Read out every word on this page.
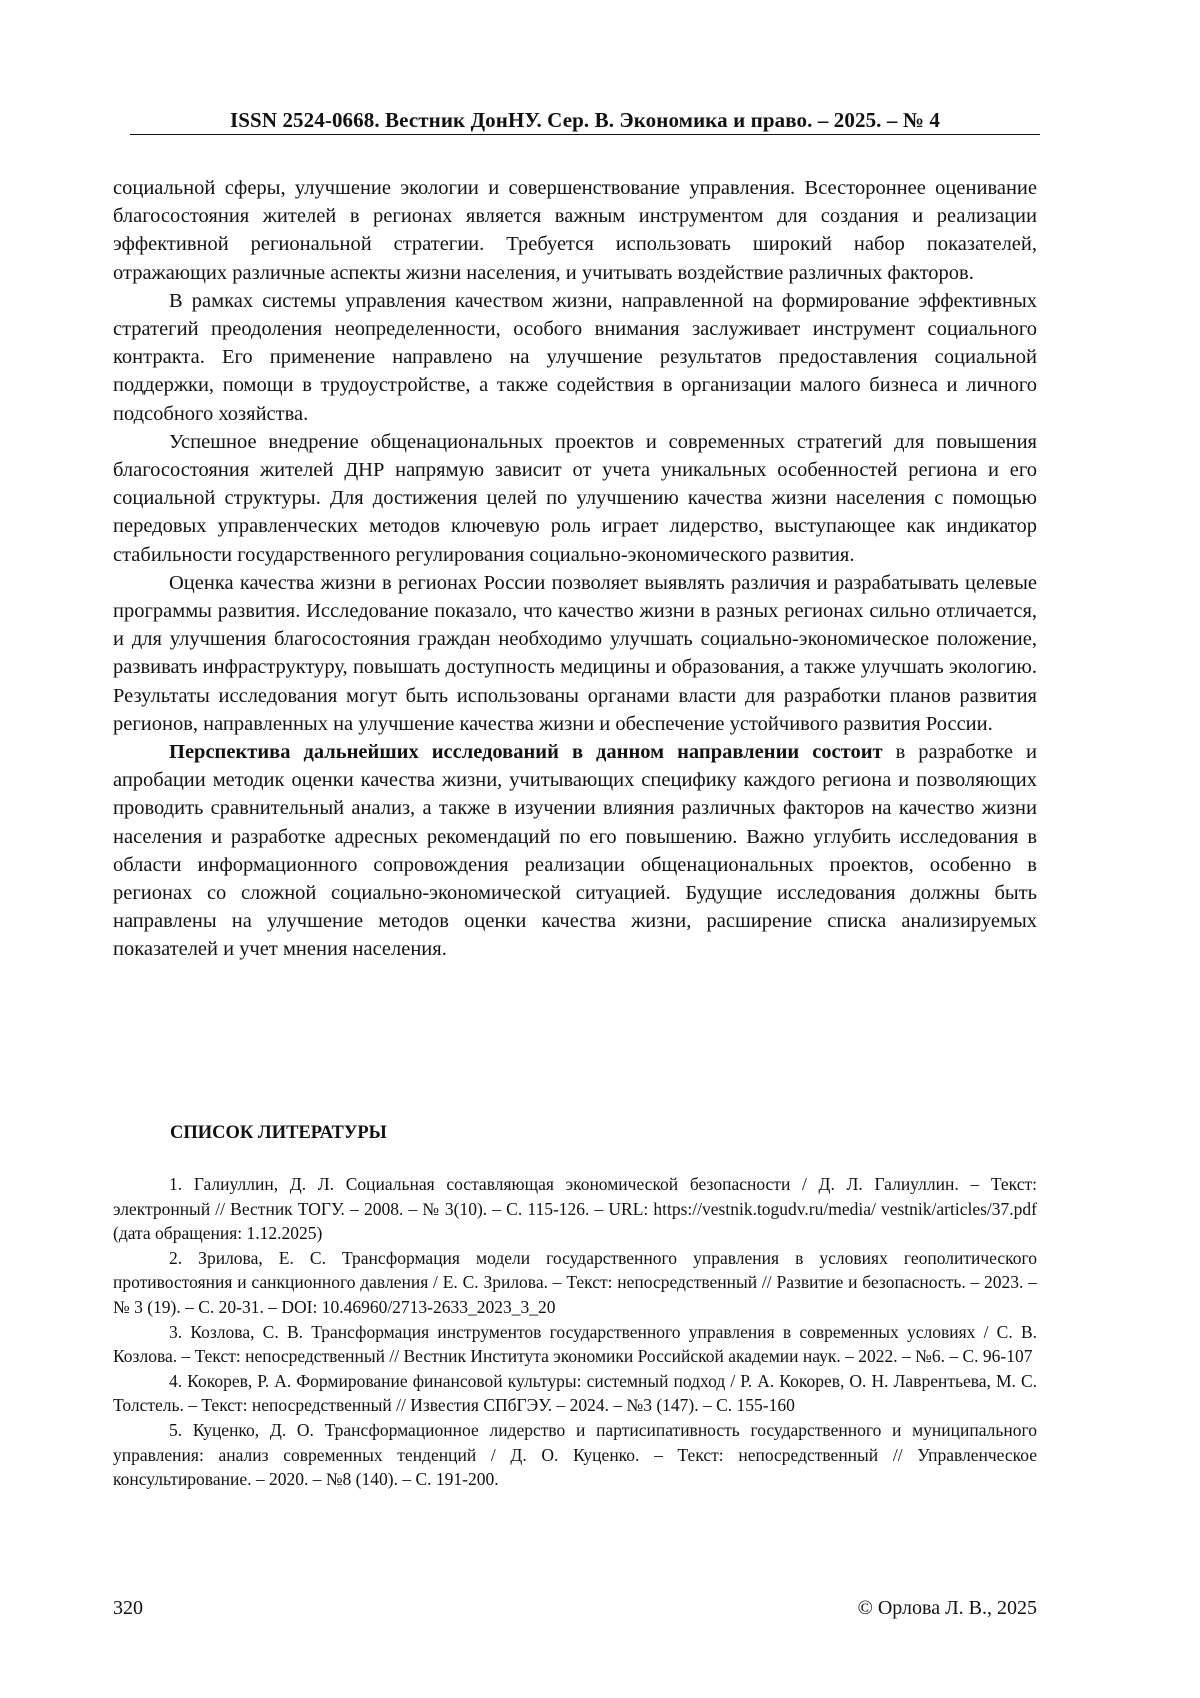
ISSN 2524-0668. Вестник ДонНУ. Сер. В. Экономика и право. – 2025. – № 4

социальной сферы, улучшение экологии и совершенствование управления. Всестороннее оценивание благосостояния жителей в регионах является важным инструментом для создания и реализации эффективной региональной стратегии. Требуется использовать широкий набор показателей, отражающих различные аспекты жизни населения, и учитывать воздействие различных факторов.

В рамках системы управления качеством жизни, направленной на формирование эффективных стратегий преодоления неопределенности, особого внимания заслуживает инструмент социального контракта. Его применение направлено на улучшение результатов предоставления социальной поддержки, помощи в трудоустройстве, а также содействия в организации малого бизнеса и личного подсобного хозяйства.

Успешное внедрение общенациональных проектов и современных стратегий для повышения благосостояния жителей ДНР напрямую зависит от учета уникальных особенностей региона и его социальной структуры. Для достижения целей по улучшению качества жизни населения с помощью передовых управленческих методов ключевую роль играет лидерство, выступающее как индикатор стабильности государственного регулирования социально-экономического развития.

Оценка качества жизни в регионах России позволяет выявлять различия и разрабатывать целевые программы развития. Исследование показало, что качество жизни в разных регионах сильно отличается, и для улучшения благосостояния граждан необходимо улучшать социально-экономическое положение, развивать инфраструктуру, повышать доступность медицины и образования, а также улучшать экологию. Результаты исследования могут быть использованы органами власти для разработки планов развития регионов, направленных на улучшение качества жизни и обеспечение устойчивого развития России.

Перспектива дальнейших исследований в данном направлении состоит в разработке и апробации методик оценки качества жизни, учитывающих специфику каждого региона и позволяющих проводить сравнительный анализ, а также в изучении влияния различных факторов на качество жизни населения и разработке адресных рекомендаций по его повышению. Важно углубить исследования в области информационного сопровождения реализации общенациональных проектов, особенно в регионах со сложной социально-экономической ситуацией. Будущие исследования должны быть направлены на улучшение методов оценки качества жизни, расширение списка анализируемых показателей и учет мнения населения.

СПИСОК ЛИТЕРАТУРЫ

1. Галиуллин, Д. Л. Социальная составляющая экономической безопасности / Д. Л. Галиуллин. – Текст: электронный // Вестник ТОГУ. – 2008. – № 3(10). – С. 115-126. – URL: https://vestnik.togudv.ru/media/ vestnik/articles/37.pdf (дата обращения: 1.12.2025)

2. Зрилова, Е. С. Трансформация модели государственного управления в условиях геополитического противостояния и санкционного давления / Е. С. Зрилова. – Текст: непосредственный // Развитие и безопасность. – 2023. – № 3 (19). – С. 20-31. – DOI: 10.46960/2713-2633_2023_3_20

3. Козлова, С. В. Трансформация инструментов государственного управления в современных условиях / С. В. Козлова. – Текст: непосредственный // Вестник Института экономики Российской академии наук. – 2022. – №6. – С. 96-107

4. Кокорев, Р. А. Формирование финансовой культуры: системный подход / Р. А. Кокорев, О. Н. Лаврентьева, М. С. Толстель. – Текст: непосредственный // Известия СПбГЭУ. – 2024. – №3 (147). – С. 155-160

5. Куценко, Д. О. Трансформационное лидерство и партисипативность государственного и муниципального управления: анализ современных тенденций / Д. О. Куценко. – Текст: непосредственный // Управленческое консультирование. – 2020. – №8 (140). – С. 191-200.

320	© Орлова Л. В., 2025
